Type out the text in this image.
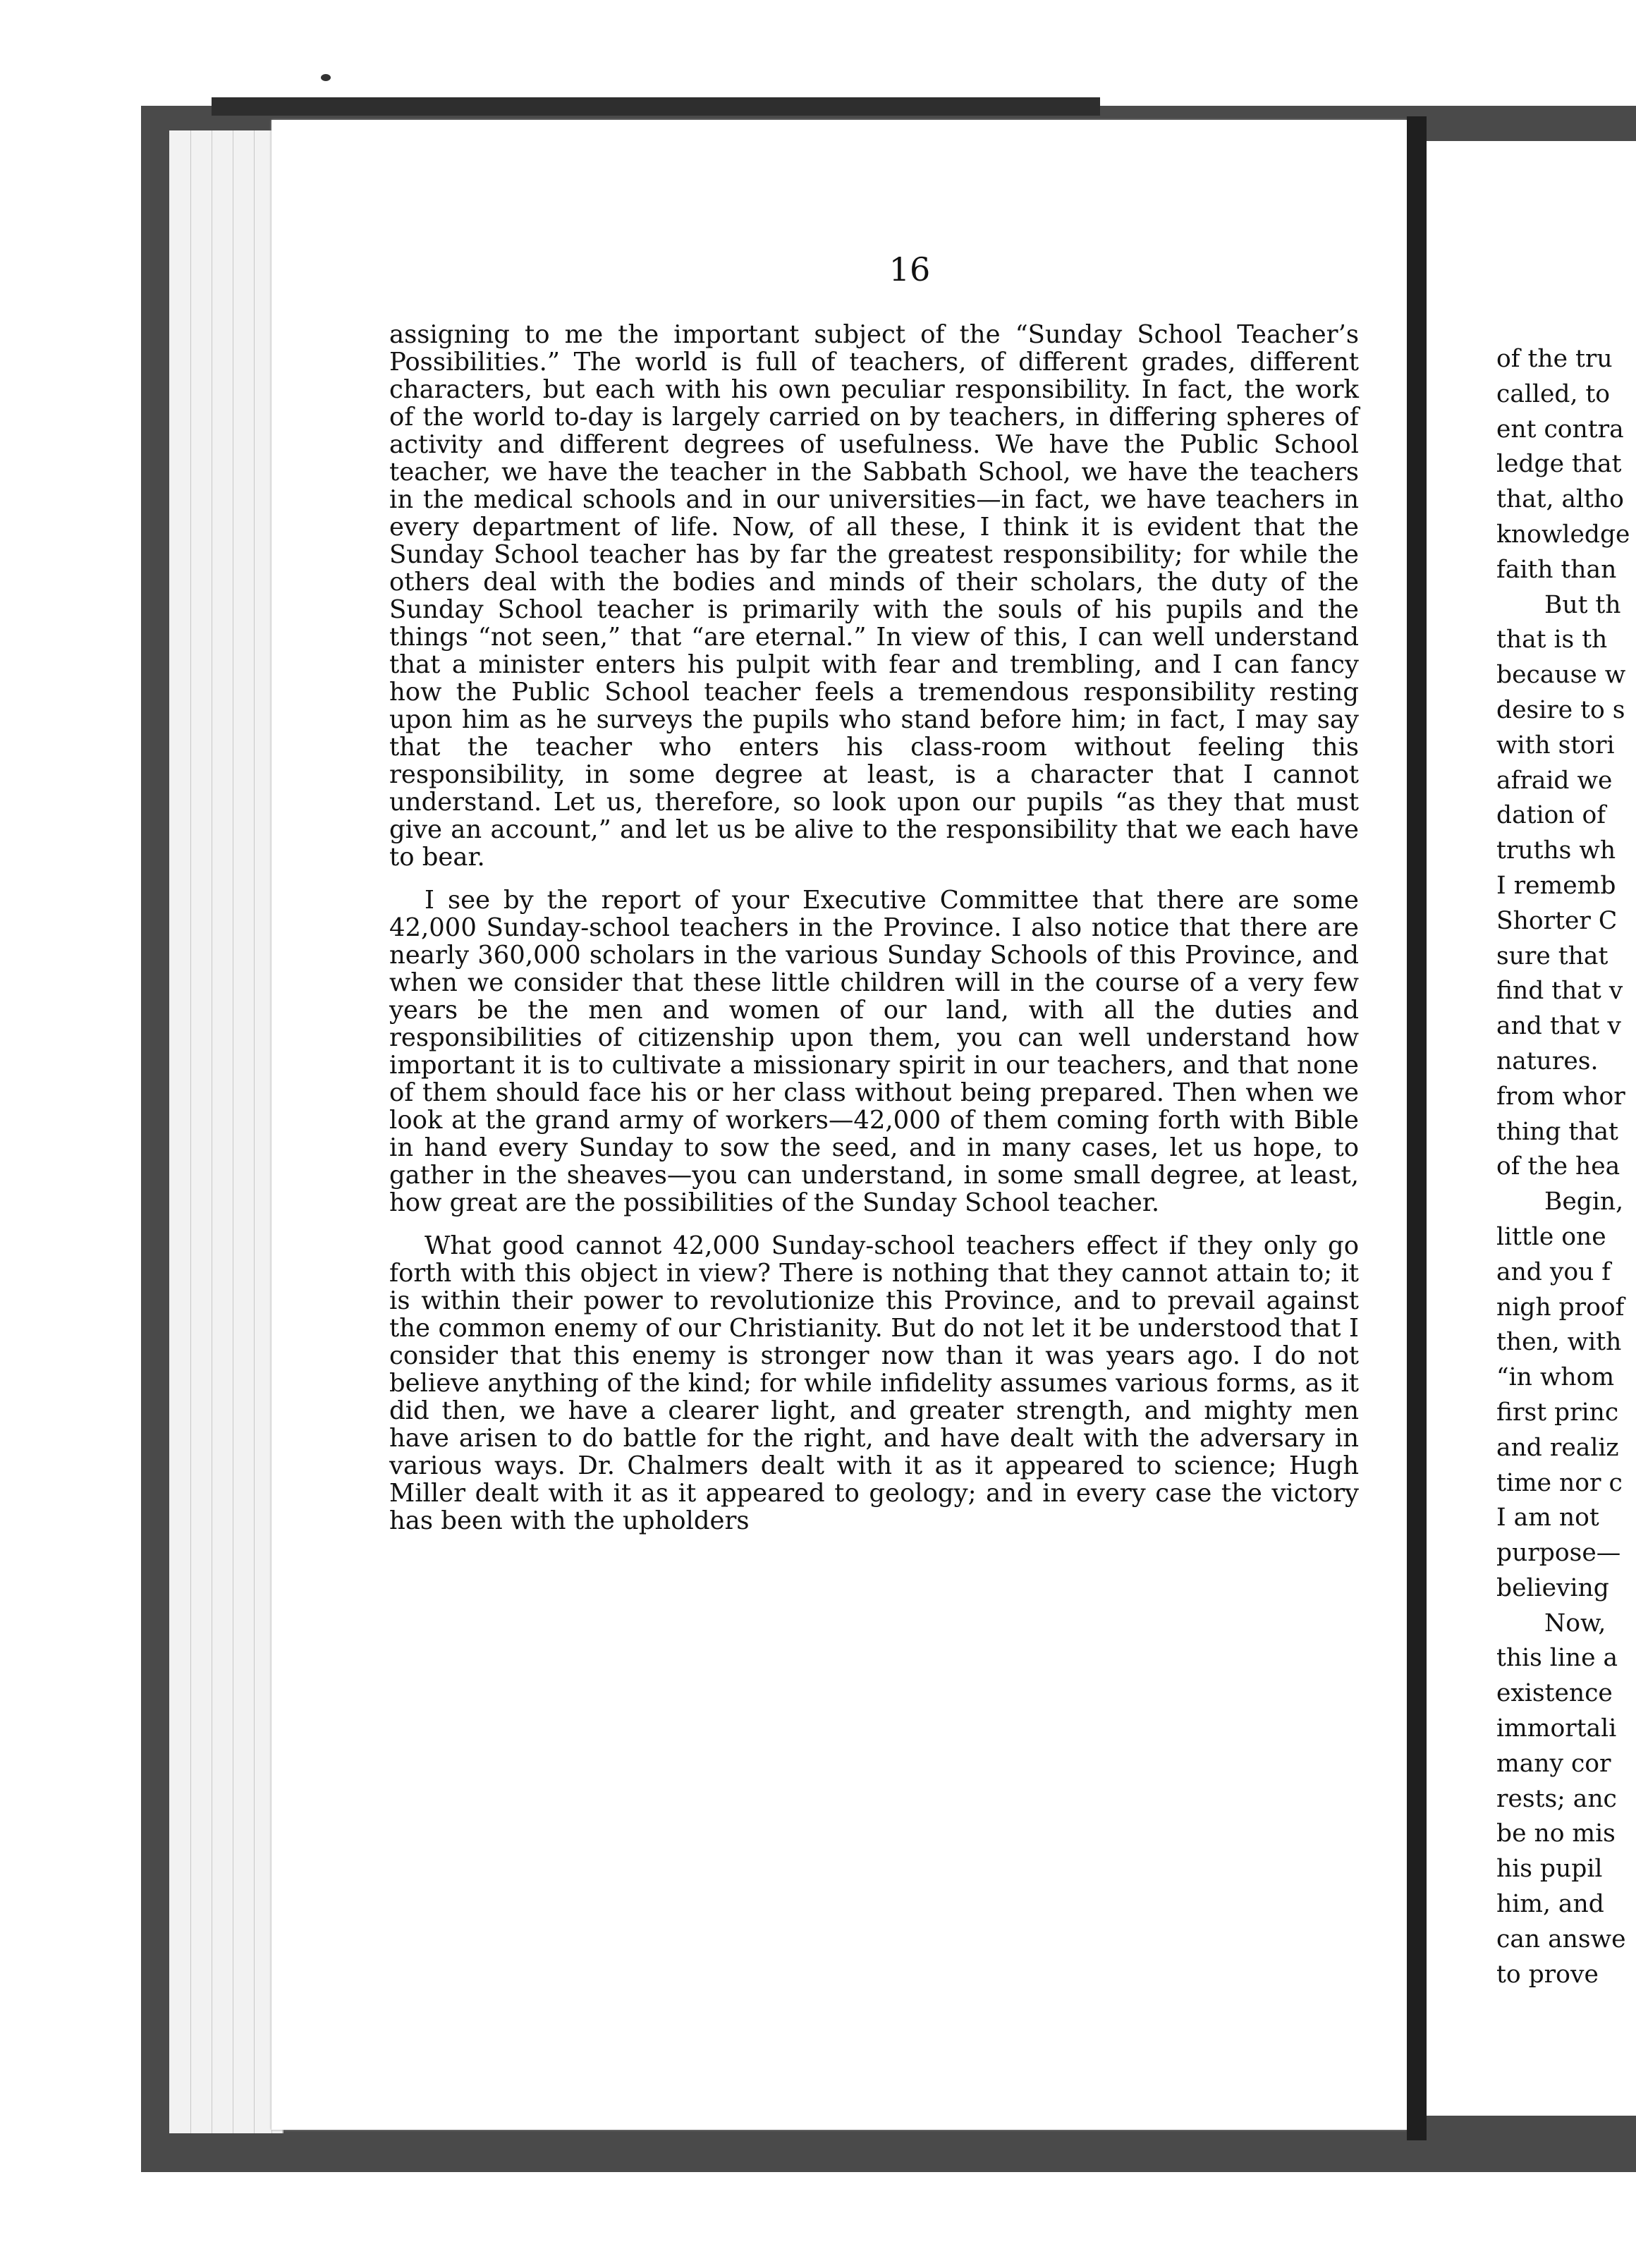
16

assigning to me the important subject of the “Sunday School Teacher’s Possibilities.” The world is full of teachers, of different grades, different characters, but each with his own peculiar responsibility. In fact, the work of the world to-day is largely carried on by teachers, in differing spheres of activity and different degrees of usefulness. We have the Public School teacher, we have the teacher in the Sabbath School, we have the teachers in the medical schools and in our universities—in fact, we have teachers in every department of life. Now, of all these, I think it is evident that the Sunday School teacher has by far the greatest responsibility; for while the others deal with the bodies and minds of their scholars, the duty of the Sunday School teacher is primarily with the souls of his pupils and the things “not seen,” that “are eternal.” In view of this, I can well understand that a minister enters his pulpit with fear and trembling, and I can fancy how the Public School teacher feels a tremendous responsibility resting upon him as he surveys the pupils who stand before him; in fact, I may say that the teacher who enters his class-room without feeling this responsibility, in some degree at least, is a character that I cannot understand. Let us, therefore, so look upon our pupils “as they that must give an account,” and let us be alive to the responsibility that we each have to bear.

I see by the report of your Executive Committee that there are some 42,000 Sunday-school teachers in the Province. I also notice that there are nearly 360,000 scholars in the various Sunday Schools of this Province, and when we consider that these little children will in the course of a very few years be the men and women of our land, with all the duties and responsibilities of citizenship upon them, you can well understand how important it is to cultivate a missionary spirit in our teachers, and that none of them should face his or her class without being prepared. Then when we look at the grand army of workers—42,000 of them coming forth with Bible in hand every Sunday to sow the seed, and in many cases, let us hope, to gather in the sheaves—you can understand, in some small degree, at least, how great are the possibilities of the Sunday School teacher.

What good cannot 42,000 Sunday-school teachers effect if they only go forth with this object in view? There is nothing that they cannot attain to; it is within their power to revolutionize this Province, and to prevail against the common enemy of our Christianity. But do not let it be understood that I consider that this enemy is stronger now than it was years ago. I do not believe anything of the kind; for while infidelity assumes various forms, as it did then, we have a clearer light, and greater strength, and mighty men have arisen to do battle for the right, and have dealt with the adversary in various ways. Dr. Chalmers dealt with it as it appeared to science; Hugh Miller dealt with it as it appeared to geology; and in every case the victory has been with the upholders

of the tru
called, to
ent contra
ledge that
that, altho
knowledge
faith than
But th
that is th
because w
desire to s
with stori
afraid we
dation of
truths wh
I rememb
Shorter C
sure that
find that v
and that v
natures.
from whor
thing that
of the hea
Begin,
little one
and you f
nigh proof
then, with
“in whom
first princ
and realiz
time nor c
I am not
purpose—
believing
Now,
this line a
existence
immortali
many cor
rests; anc
be no mis
his pupil
him, and
can answe
to prove
